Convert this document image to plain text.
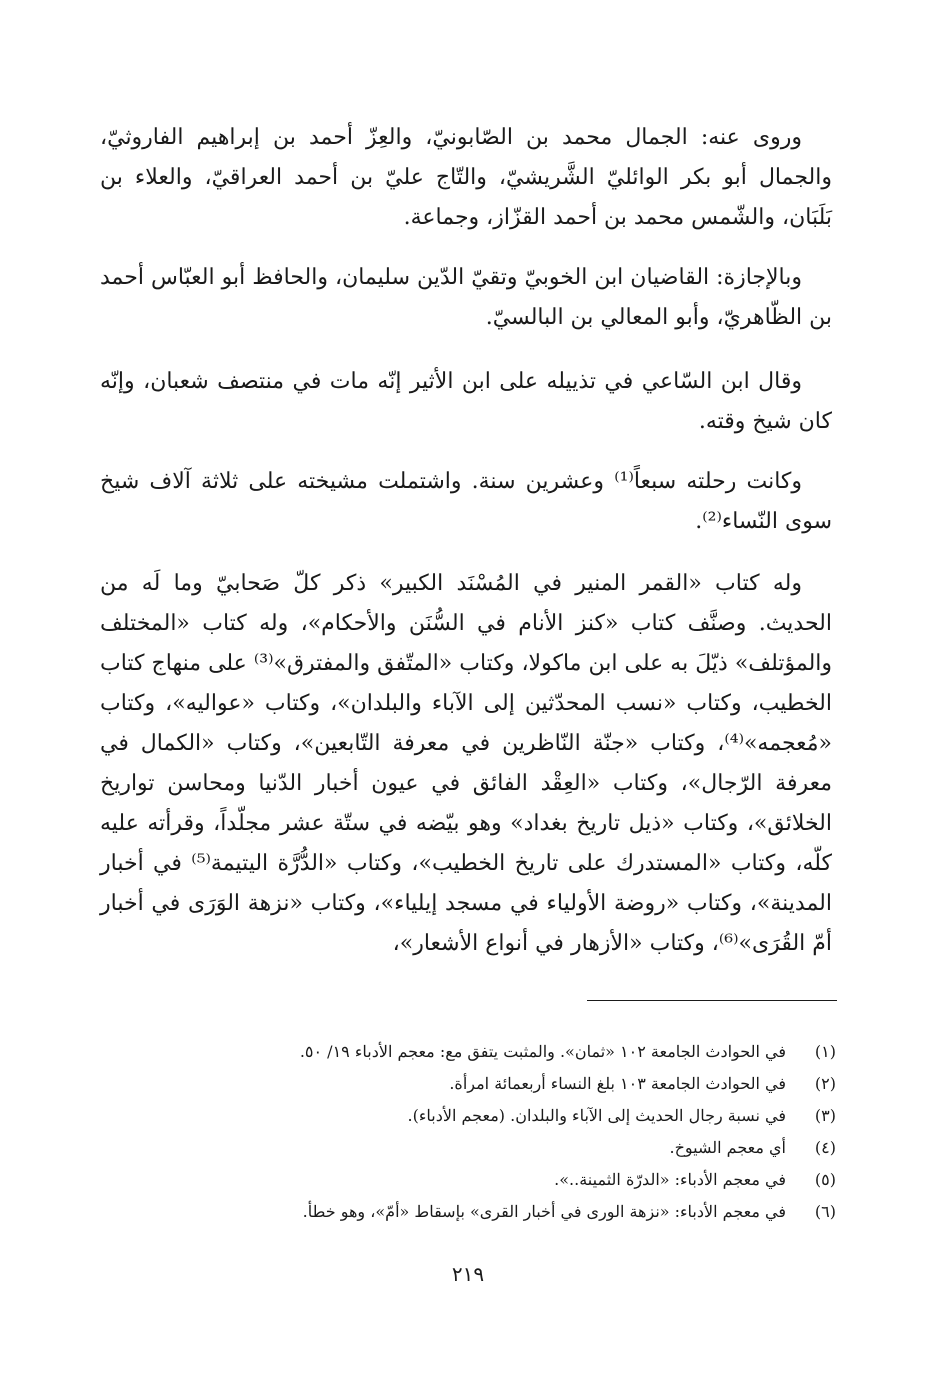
وروى عنه: الجمال محمد بن الصّابونيّ، والعِزّ أحمد بن إبراهيم الفاروثيّ، والجمال أبو بكر الوائليّ الشَّريشيّ، والتّاج عليّ بن أحمد العراقيّ، والعلاء بن بَلَبَان، والشّمس محمد بن أحمد القزّاز، وجماعة.

وبالإجازة: القاضيان ابن الخوبيّ وتقيّ الدّين سليمان، والحافظ أبو العبّاس أحمد بن الظّاهريّ، وأبو المعالي بن البالسيّ.

وقال ابن السّاعي في تذييله على ابن الأثير إنّه مات في منتصف شعبان، وإنّه كان شيخ وقته.

وكانت رحلته سبعاً⁽¹⁾ وعشرين سنة. واشتملت مشيخته على ثلاثة آلاف شيخ سوى النّساء⁽²⁾.

وله كتاب «القمر المنير في المُسْنَد الكبير» ذكر كلّ صَحابيّ وما لَه من الحديث. وصنَّف كتاب «كنز الأنام في السُّنَن والأحكام»، وله كتاب «المختلف والمؤتلف» ذيّلَ به على ابن ماكولا، وكتاب «المتّفق والمفترق»⁽³⁾ على منهاج كتاب الخطيب، وكتاب «نسب المحدّثين إلى الآباء والبلدان»، وكتاب «عواليه»، وكتاب «مُعجمه»⁽⁴⁾، وكتاب «جنّة النّاظرين في معرفة التّابعين»، وكتاب «الكمال في معرفة الرّجال»، وكتاب «العِقْد الفائق في عيون أخبار الدّنيا ومحاسن تواريخ الخلائق»، وكتاب «ذيل تاريخ بغداد» وهو بيّضه في ستّة عشر مجلّداً، وقرأته عليه كلّه، وكتاب «المستدرك على تاريخ الخطيب»، وكتاب «الدُّرَّة اليتيمة⁽⁵⁾ في أخبار المدينة»، وكتاب «روضة الأولياء في مسجد إيلياء»، وكتاب «نزهة الوَرَى في أخبار أمّ القُرَى»⁽⁶⁾، وكتاب «الأزهار في أنواع الأشعار»،

(١)
في الحوادث الجامعة ١٠٢ «ثمان». والمثبت يتفق مع: معجم الأدباء ١٩/ ٥٠.
(٢)
في الحوادث الجامعة ١٠٣ بلغ النساء أربعمائة امرأة.
(٣)
في نسبة رجال الحديث إلى الآباء والبلدان. (معجم الأدباء).
(٤)
أي معجم الشيوخ.
(٥)
في معجم الأدباء: «الدرّة الثمينة..».
(٦)
في معجم الأدباء: «نزهة الورى في أخبار القرى» بإسقاط «أمّ»، وهو خطأ.
٢١٩
